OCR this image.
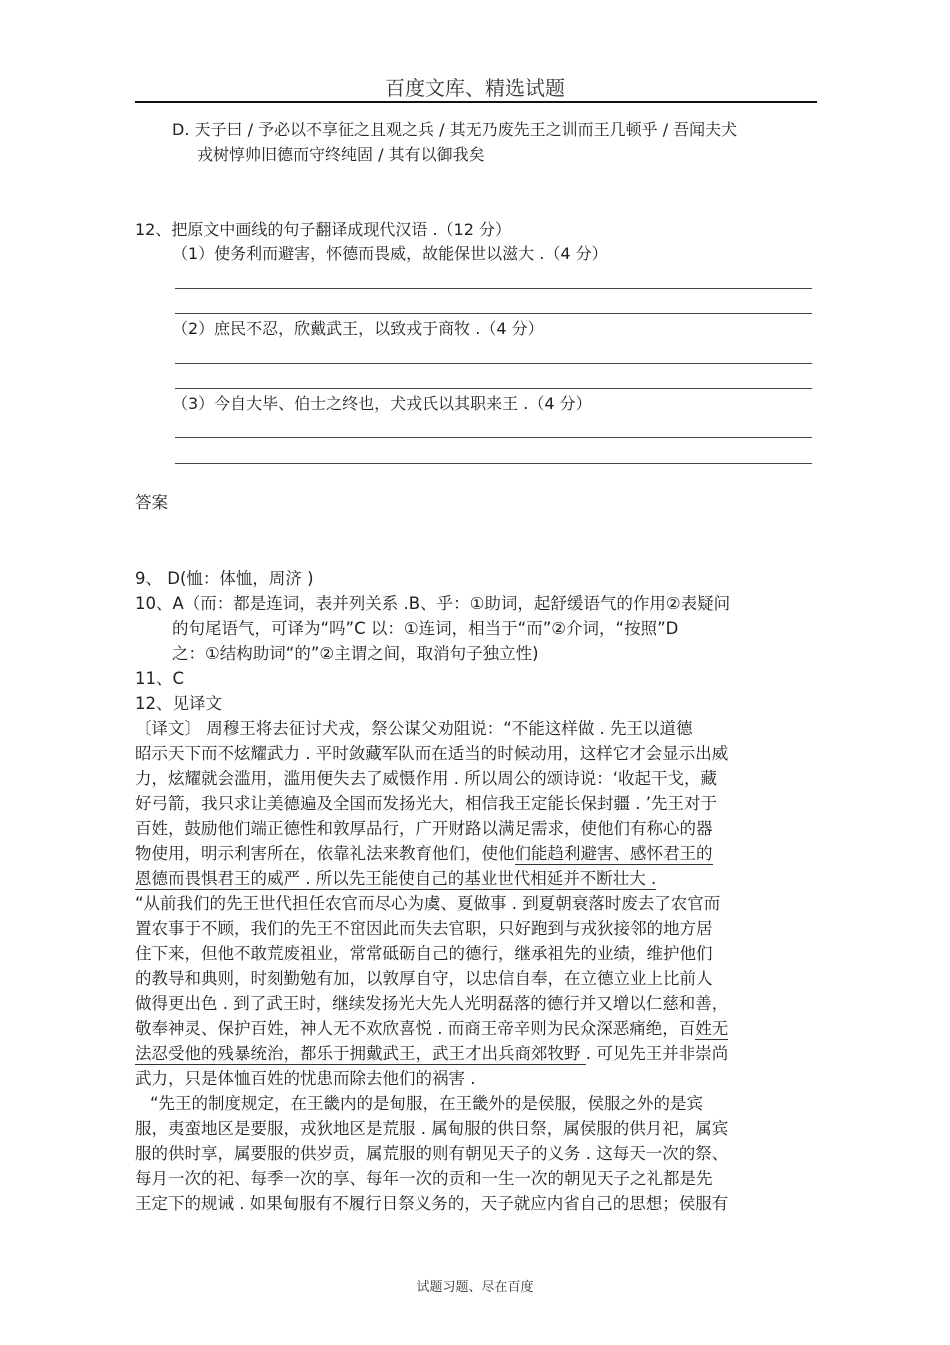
百度文库、精选试题
D. 天子曰 / 予必以不享征之且观之兵 / 其无乃废先王之训而王几顿乎 / 吾闻夫犬
戎树惇帅旧德而守终纯固 / 其有以御我矣
12、把原文中画线的句子翻译成现代汉语 .（12 分）
（1）使务利而避害，怀德而畏威，故能保世以滋大 .（4 分）
（2）庶民不忍，欣戴武王，以致戎于商牧 .（4 分）
（3）今自大毕、伯士之终也，犬戎氏以其职来王 .（4 分）
答案
9、 D(恤：体恤，周济 )
10、A（而：都是连词，表并列关系 .B、乎：①助词，起舒缓语气的作用②表疑问
的句尾语气，可译为“吗”C 以：①连词，相当于“而”②介词，“按照”D
之：①结构助词“的”②主谓之间，取消句子独立性)
11、C
12、见译文
〔译文〕 周穆王将去征讨犬戎，祭公谋父劝阻说：“不能这样做 . 先王以道德
昭示天下而不炫耀武力 . 平时敛藏军队而在适当的时候动用，这样它才会显示出威
力，炫耀就会滥用，滥用便失去了威慑作用 . 所以周公的颂诗说：‘收起干戈，藏
好弓箭，我只求让美德遍及全国而发扬光大，相信我王定能长保封疆 . ’先王对于
百姓，鼓励他们端正德性和敦厚品行，广开财路以满足需求，使他们有称心的器
物使用，明示利害所在，依靠礼法来教育他们，使他们能趋利避害、感怀君王的
恩德而畏惧君王的威严 . 所以先王能使自己的基业世代相延并不断壮大 .
“从前我们的先王世代担任农官而尽心为虞、夏做事 . 到夏朝衰落时废去了农官而
置农事于不顾，我们的先王不窋因此而失去官职，只好跑到与戎狄接邻的地方居
住下来，但他不敢荒废祖业，常常砥砺自己的德行，继承祖先的业绩，维护他们
的教导和典则，时刻勤勉有加，以敦厚自守，以忠信自奉，在立德立业上比前人
做得更出色 . 到了武王时，继续发扬光大先人光明磊落的德行并又增以仁慈和善，
敬奉神灵、保护百姓，神人无不欢欣喜悦 . 而商王帝辛则为民众深恶痛绝，百姓无
法忍受他的残暴统治，都乐于拥戴武王，武王才出兵商郊牧野 . 可见先王并非崇尚
武力，只是体恤百姓的忧患而除去他们的祸害 .
“先王的制度规定，在王畿内的是甸服，在王畿外的是侯服，侯服之外的是宾
服，夷蛮地区是要服，戎狄地区是荒服 . 属甸服的供日祭，属侯服的供月祀，属宾
服的供时享，属要服的供岁贡，属荒服的则有朝见天子的义务 . 这每天一次的祭、
每月一次的祀、每季一次的享、每年一次的贡和一生一次的朝见天子之礼都是先
王定下的规诫 . 如果甸服有不履行日祭义务的，天子就应内省自己的思想；侯服有
试题习题、尽在百度
